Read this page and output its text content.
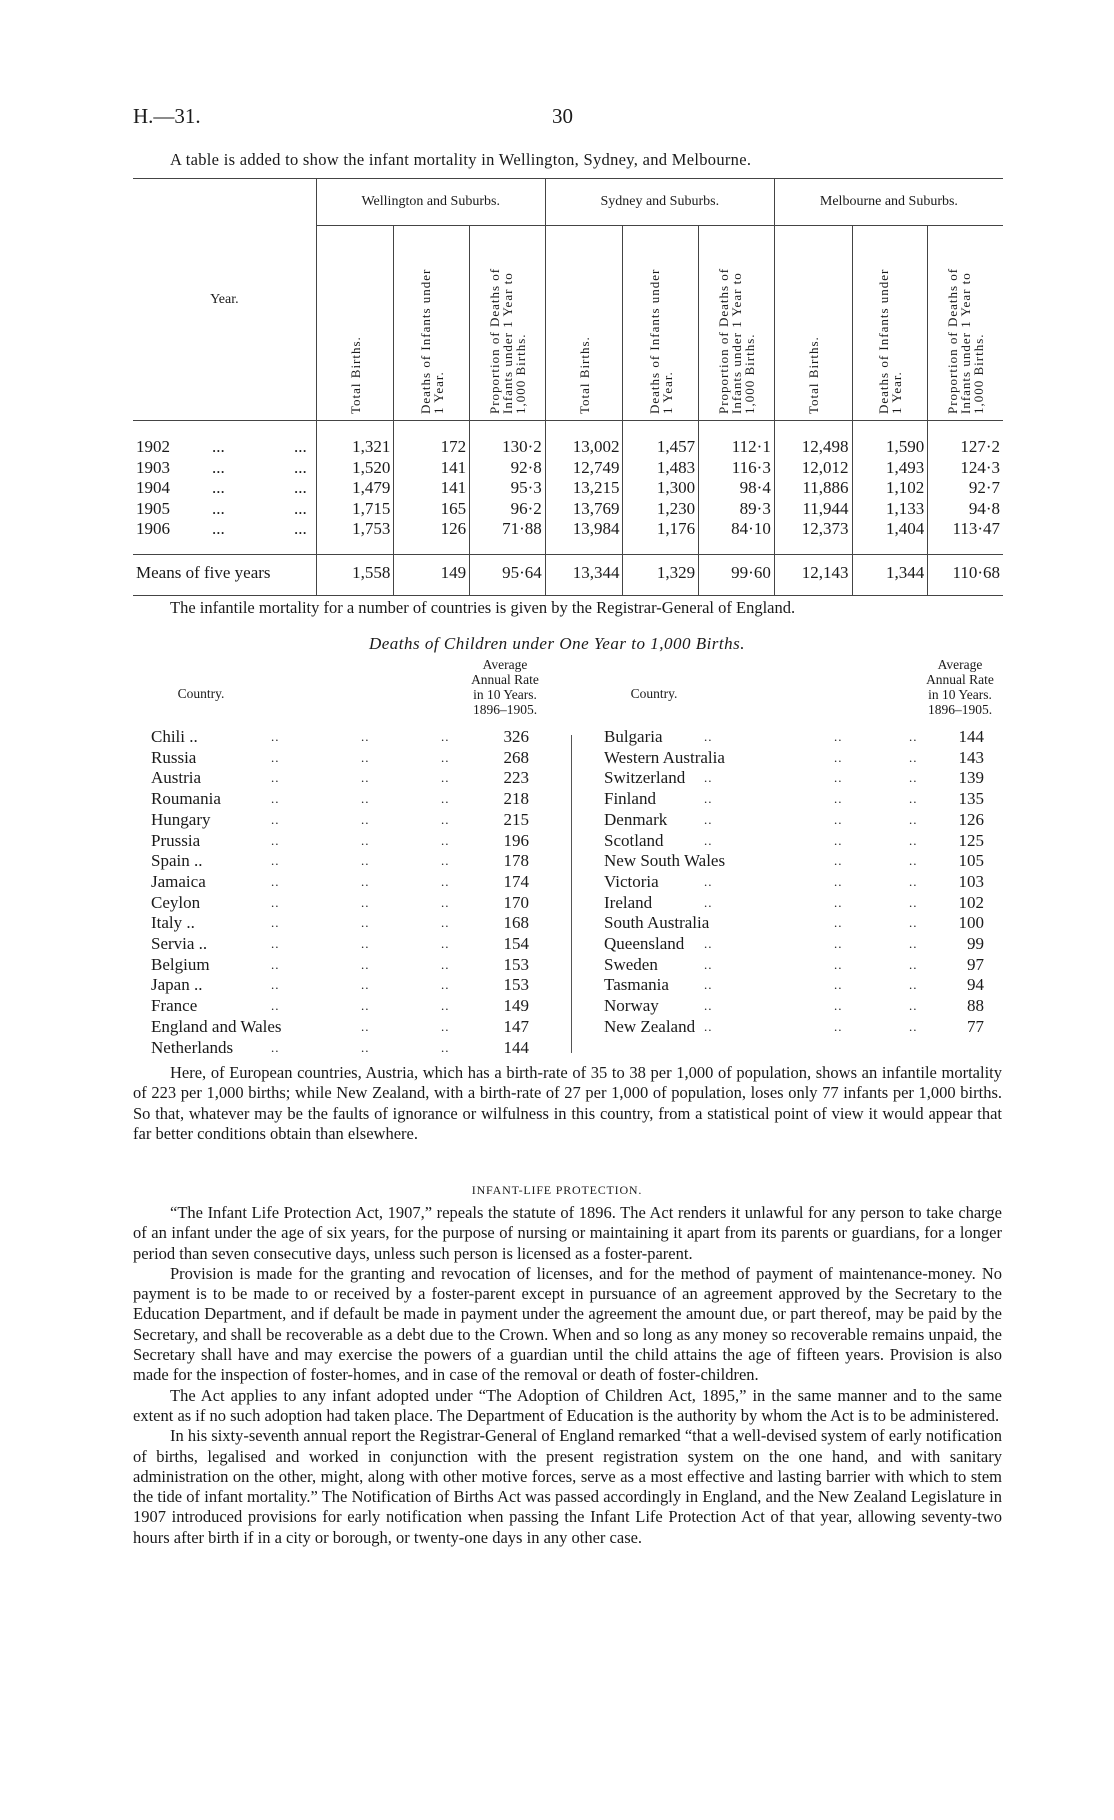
H.—31.	30
A table is added to show the infant mortality in Wellington, Sydney, and Melbourne.
Year.	Wellington and Suburbs.			Sydney and Suburbs.			Melbourne and Suburbs.		

	Total Births.	Deaths of Infants under 1 Year.	Proportion of Deaths of Infants under 1 Year to 1,000 Births.	Total Births.	Deaths of Infants under 1 Year.	Proportion of Deaths of Infants under 1 Year to 1,000 Births.	Total Births.	Deaths of Infants under 1 Year.	Proportion of Deaths of Infants under 1 Year to 1,000 Births.

1902 ... ...	1,321	172	130·2	13,002	1,457	112·1	12,498	1,590	127·2
1903 ... ...	1,520	141	92·8	12,749	1,483	116·3	12,012	1,493	124·3
1904 ... ...	1,479	141	95·3	13,215	1,300	98·4	11,886	1,102	92·7
1905 ... ...	1,715	165	96·2	13,769	1,230	89·3	11,944	1,133	94·8
1906 ... ...	1,753	126	71·88	13,984	1,176	84·10	12,373	1,404	113·47
Means of five years	1,558	149	95·64	13,344	1,329	99·60	12,143	1,344	110·68

The infantile mortality for a number of countries is given by the Registrar-General of England.

Deaths of Children under One Year to 1,000 Births.
Country.
Average
Annual Rate
in 10 Years.
1896–1905.
Chili ..	..	..	..	326
Russia	..	..	..	268
Austria	..	..	..	223
Roumania	..	..	..	218
Hungary	..	..	..	215
Prussia	..	..	..	196
Spain ..	..	..	..	178
Jamaica	..	..	..	174
Ceylon	..	..	..	170
Italy ..	..	..	..	168
Servia ..	..	..	..	154
Belgium	..	..	..	153
Japan ..	..	..	..	153
France	..	..	..	149
England and Wales	..	..	147
Netherlands	..	..	..	144
Country.
Average
Annual Rate
in 10 Years.
1896–1905.
Bulgaria	..	..	..	144
Western Australia	..	..	143
Switzerland ..	..	..	139
Finland	..	..	..	135
Denmark	..	..	..	126
Scotland	..	..	..	125
New South Wales	..	..	105
Victoria	..	..	..	103
Ireland	..	..	..	102
South Australia	..	..	100
Queensland ..	..	..	99
Sweden	..	..	..	97
Tasmania	..	..	..	94
Norway	..	..	..	88
New Zealand ..	..	..	77

Here, of European countries, Austria, which has a birth-rate of 35 to 38 per 1,000 of population, shows an infantile mortality of 223 per 1,000 births; while New Zealand, with a birth-rate of 27 per 1,000 of population, loses only 77 infants per 1,000 births. So that, whatever may be the faults of ignorance or wilfulness in this country, from a statistical point of view it would appear that far better conditions obtain than elsewhere.

INFANT-LIFE PROTECTION.

“The Infant Life Protection Act, 1907,” repeals the statute of 1896. The Act renders it unlawful for any person to take charge of an infant under the age of six years, for the purpose of nursing or maintaining it apart from its parents or guardians, for a longer period than seven consecutive days, unless such person is licensed as a foster-parent.

Provision is made for the granting and revocation of licenses, and for the method of payment of maintenance-money. No payment is to be made to or received by a foster-parent except in pursuance of an agreement approved by the Secretary to the Education Department, and if default be made in payment under the agreement the amount due, or part thereof, may be paid by the Secretary, and shall be recoverable as a debt due to the Crown. When and so long as any money so recoverable remains unpaid, the Secretary shall have and may exercise the powers of a guardian until the child attains the age of fifteen years. Provision is also made for the inspection of foster-homes, and in case of the removal or death of foster-children.

The Act applies to any infant adopted under “The Adoption of Children Act, 1895,” in the same manner and to the same extent as if no such adoption had taken place. The Department of Education is the authority by whom the Act is to be administered.

In his sixty-seventh annual report the Registrar-General of England remarked “that a well-devised system of early notification of births, legalised and worked in conjunction with the present registration system on the one hand, and with sanitary administration on the other, might, along with other motive forces, serve as a most effective and lasting barrier with which to stem the tide of infant mortality.” The Notification of Births Act was passed accordingly in England, and the New Zealand Legislature in 1907 introduced provisions for early notification when passing the Infant Life Protection Act of that year, allowing seventy-two hours after birth if in a city or borough, or twenty-one days in any other case.
